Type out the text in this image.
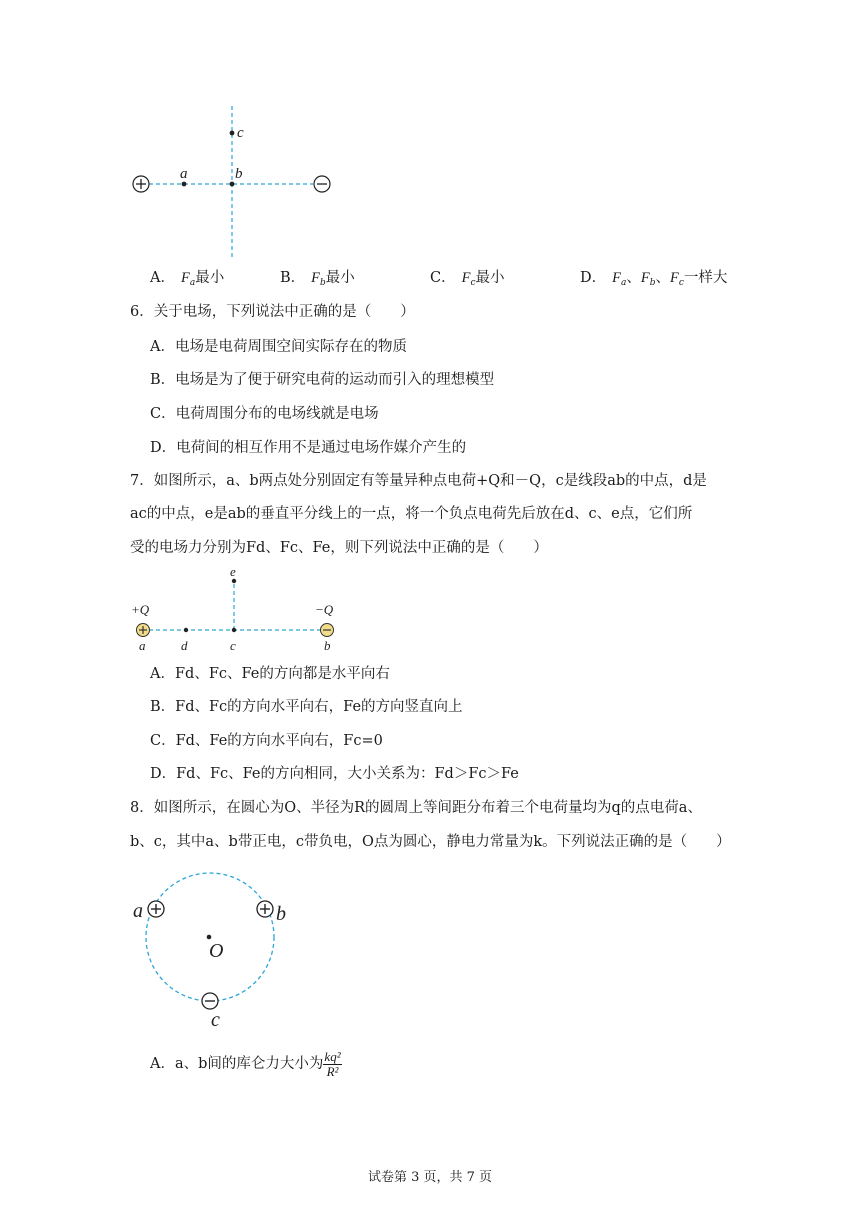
a	b
c
A． $F_a$最小	B． $F_b$最小	C． $F_c$最小	D． $F_a$、$F_b$、$F_c$一样大
6．关于电场，下列说法中正确的是（　　）
A．电场是电荷周围空间实际存在的物质
B．电场是为了便于研究电荷的运动而引入的理想模型
C．电荷周围分布的电场线就是电场
D．电荷间的相互作用不是通过电场作媒介产生的
7．如图所示，a、b两点处分别固定有等量异种点电荷+Q和－Q，c是线段ab的中点，d是
ac的中点，e是ab的垂直平分线上的一点，将一个负点电荷先后放在d、c、e点，它们所
受的电场力分别为Fd、Fc、Fe，则下列说法中正确的是（　　）
+Q	−Q
e
a	d	c	b
A．Fd、Fc、Fe的方向都是水平向右
B．Fd、Fc的方向水平向右，Fe的方向竖直向上
C．Fd、Fe的方向水平向右，Fc=0
D．Fd、Fc、Fe的方向相同，大小关系为：Fd＞Fc＞Fe
8．如图所示，在圆心为O、半径为R的圆周上等间距分布着三个电荷量均为q的点电荷a、
b、c，其中a、b带正电，c带负电，O点为圆心，静电力常量为k。下列说法正确的是（　　）
a	b
O
c
A．a、b间的库仑力大小为 $\frac{\text{kq²}}{\text{R²}}$
试卷第 3 页，共 7 页
